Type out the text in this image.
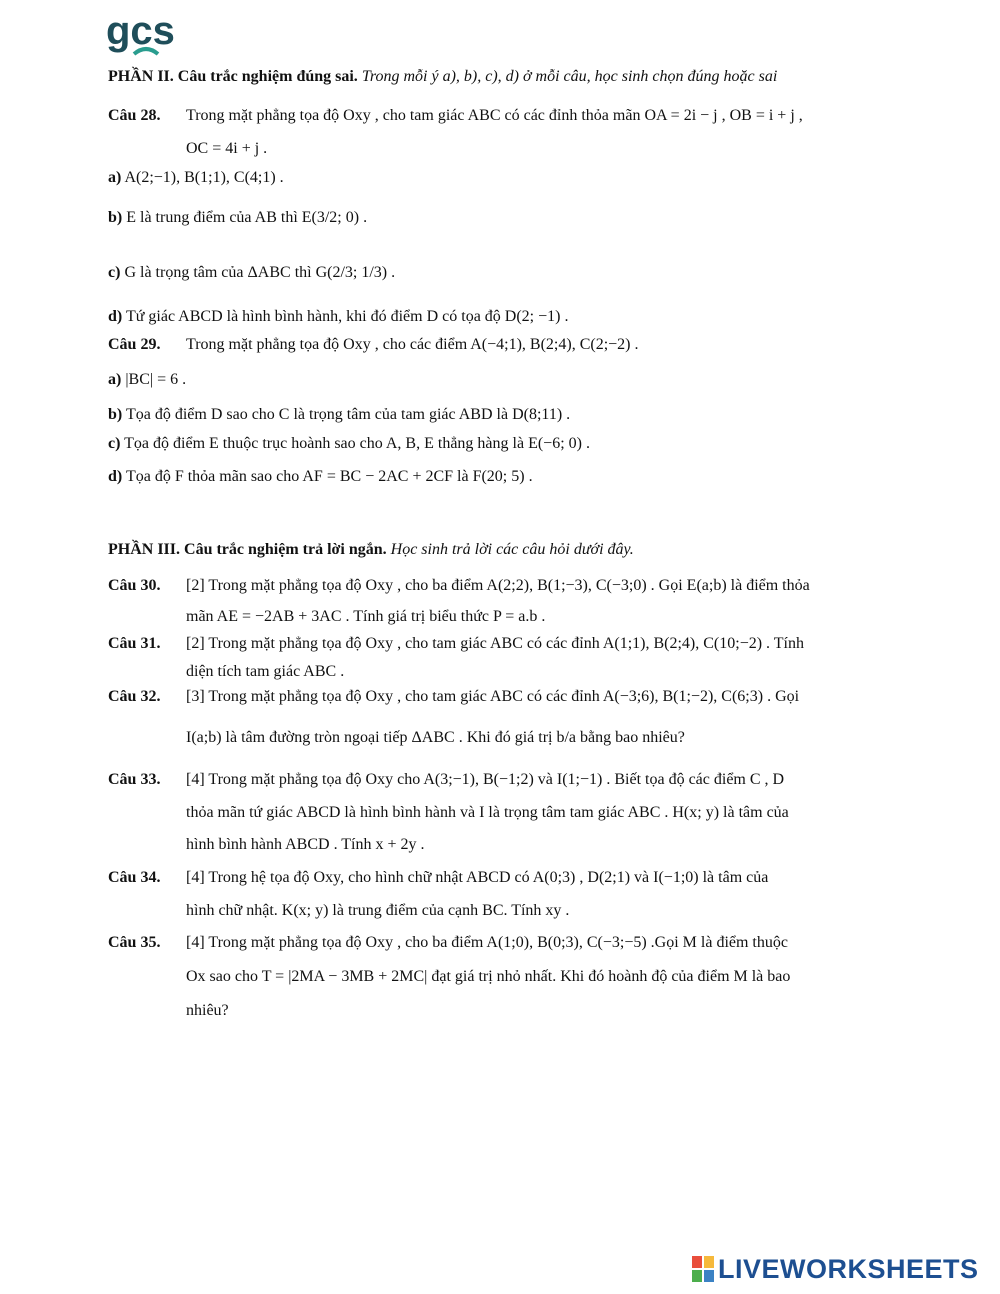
gcs
PHẦN II. Câu trắc nghiệm đúng sai. Trong mỗi ý a), b), c), d) ở mỗi câu, học sinh chọn đúng hoặc sai
Câu 28. Trong mặt phẳng tọa độ Oxy , cho tam giác ABC có các đỉnh thỏa mãn OA = 2i − j , OB = i + j ,
OC = 4i + j .
a) A(2;−1), B(1;1), C(4;1) .
b) E là trung điểm của AB thì E(3/2; 0) .
c) G là trọng tâm của ΔABC thì G(2/3; 1/3) .
d) Tứ giác ABCD là hình bình hành, khi đó điểm D có tọa độ D(2; −1) .
Câu 29. Trong mặt phẳng tọa độ Oxy , cho các điểm A(−4;1), B(2;4), C(2;−2) .
a) |BC| = 6 .
b) Tọa độ điểm D sao cho C là trọng tâm của tam giác ABD là D(8;11) .
c) Tọa độ điểm E thuộc trục hoành sao cho A, B, E thẳng hàng là E(−6; 0) .
d) Tọa độ F thỏa mãn sao cho AF = BC − 2AC + 2CF là F(20; 5) .
PHẦN III. Câu trắc nghiệm trả lời ngắn. Học sinh trả lời các câu hỏi dưới đây.
Câu 30. [2] Trong mặt phẳng tọa độ Oxy , cho ba điểm A(2;2), B(1;−3), C(−3;0) . Gọi E(a;b) là điểm thỏa
mãn AE = −2AB + 3AC . Tính giá trị biểu thức P = a.b .
Câu 31. [2] Trong mặt phẳng tọa độ Oxy , cho tam giác ABC có các đỉnh A(1;1), B(2;4), C(10;−2) . Tính
diện tích tam giác ABC .
Câu 32. [3] Trong mặt phẳng tọa độ Oxy , cho tam giác ABC có các đỉnh A(−3;6), B(1;−2), C(6;3) . Gọi
I(a;b) là tâm đường tròn ngoại tiếp ΔABC . Khi đó giá trị b/a bằng bao nhiêu?
Câu 33. [4] Trong mặt phẳng tọa độ Oxy cho A(3;−1), B(−1;2) và I(1;−1) . Biết tọa độ các điểm C , D
thỏa mãn tứ giác ABCD là hình bình hành và I là trọng tâm tam giác ABC . H(x; y) là tâm của
hình bình hành ABCD . Tính x + 2y .
Câu 34. [4] Trong hệ tọa độ Oxy, cho hình chữ nhật ABCD có A(0;3) , D(2;1) và I(−1;0) là tâm của
hình chữ nhật. K(x; y) là trung điểm của cạnh BC. Tính xy .
Câu 35. [4] Trong mặt phẳng tọa độ Oxy , cho ba điểm A(1;0), B(0;3), C(−3;−5) .Gọi M là điểm thuộc
Ox sao cho T = |2MA − 3MB + 2MC| đạt giá trị nhỏ nhất. Khi đó hoành độ của điểm M là bao
nhiêu?
LIVEWORKSHEETS
